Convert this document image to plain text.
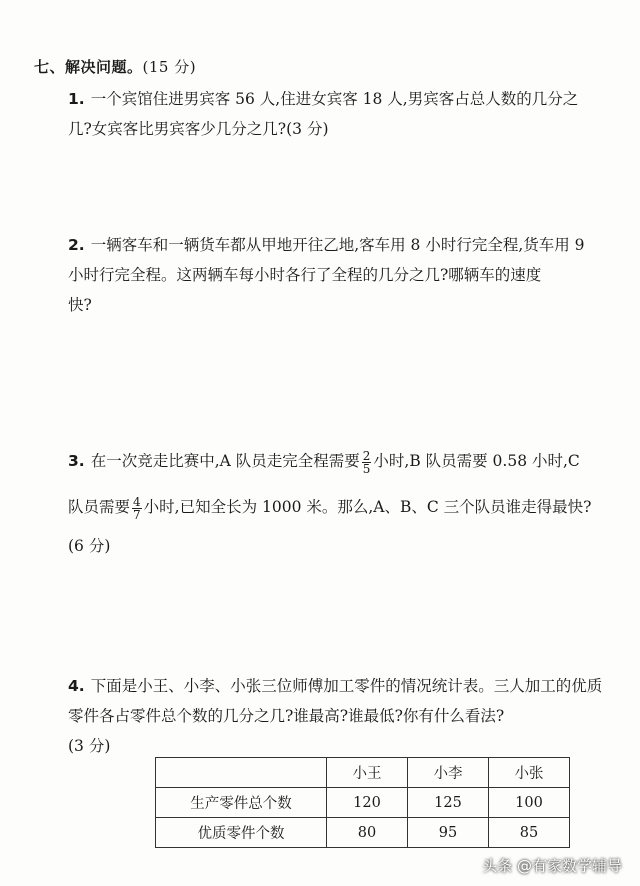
七、解决问题。(15 分)
1. 一个宾馆住进男宾客 56 人,住进女宾客 18 人,男宾客占总人数的几分之
几?女宾客比男宾客少几分之几?(3 分)
2. 一辆客车和一辆货车都从甲地开往乙地,客车用 8 小时行完全程,货车用 9
小时行完全程。这两辆车每小时各行了全程的几分之几?哪辆车的速度
快?
3. 在一次竞走比赛中,A 队员走完全程需要 $\frac{2}{5}$ 小时,B 队员需要 0.58 小时,C
队员需要 $\frac{4}{7}$ 小时,已知全长为 1000 米。那么,A、B、C 三个队员谁走得最快?
(6 分)
4. 下面是小王、小李、小张三位师傅加工零件的情况统计表。三人加工的优质
零件各占零件总个数的几分之几?谁最高?谁最低?你有什么看法?
(3 分)
	小王	小李	小张
生产零件总个数	120	125	100
优质零件个数	80	95	85
头条 @有家数学辅导
